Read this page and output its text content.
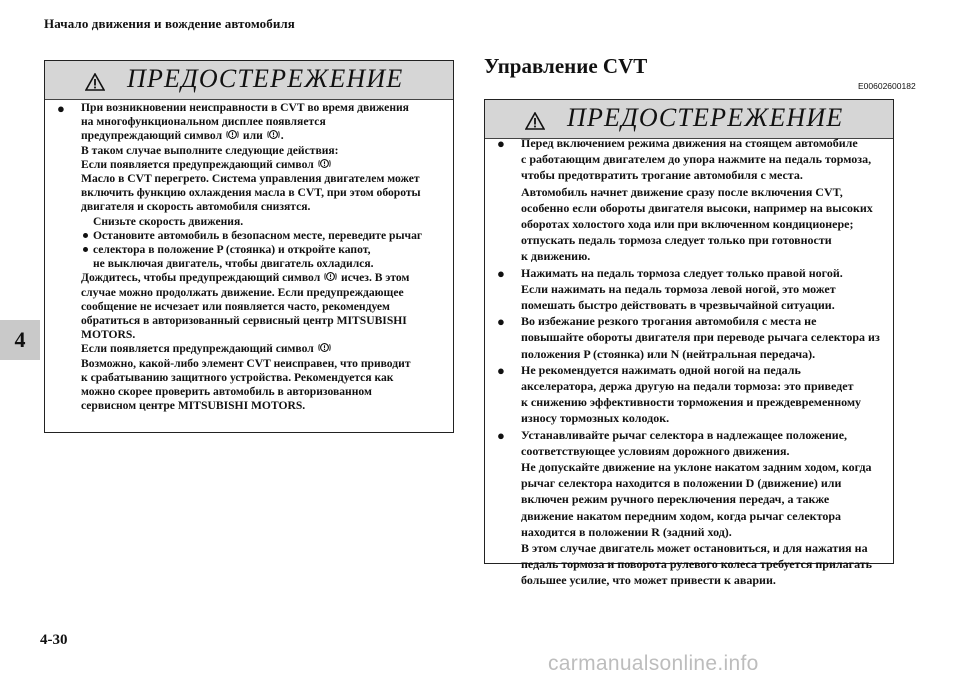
Начало движения и вождение автомобиля
4
Управление CVT
E00602600182
ПРЕДОСТЕРЕЖЕНИЕ
● При возникновении неисправности в CVT во время движения
на многофункциональном дисплее появляется
предупреждающий символ или .
В таком случае выполните следующие действия:
Если появляется предупреждающий символ
Масло в CVT перегрето. Система управления двигателем может
включить функцию охлаждения масла в CVT, при этом обороты
двигателя и скорость автомобиля снизятся.
Снизьте скорость движения.
Остановите автомобиль в безопасном месте, переведите рычаг
селектора в положение P (стоянка) и откройте капот,
не выключая двигатель, чтобы двигатель охладился.
Дождитесь, чтобы предупреждающий символ исчез. В этом
случае можно продолжать движение. Если предупреждающее
сообщение не исчезает или появляется часто, рекомендуем
обратиться в авторизованный сервисный центр MITSUBISHI
MOTORS.
Если появляется предупреждающий символ
Возможно, какой-либо элемент CVT неисправен, что приводит
к срабатыванию защитного устройства. Рекомендуется как
можно скорее проверить автомобиль в авторизованном
сервисном центре MITSUBISHI MOTORS.
ПРЕДОСТЕРЕЖЕНИЕ
● Перед включением режима движения на стоящем автомобиле
с работающим двигателем до упора нажмите на педаль тормоза,
чтобы предотвратить трогание автомобиля с места.
Автомобиль начнет движение сразу после включения CVT,
особенно если обороты двигателя высоки, например на высоких
оборотах холостого хода или при включенном кондиционере;
отпускать педаль тормоза следует только при готовности
к движению.
● Нажимать на педаль тормоза следует только правой ногой.
Если нажимать на педаль тормоза левой ногой, это может
помешать быстро действовать в чрезвычайной ситуации.
● Во избежание резкого трогания автомобиля с места не
повышайте обороты двигателя при переводе рычага селектора из
положения P (стоянка) или N (нейтральная передача).
● Не рекомендуется нажимать одной ногой на педаль
акселератора, держа другую на педали тормоза: это приведет
к снижению эффективности торможения и преждевременному
износу тормозных колодок.
● Устанавливайте рычаг селектора в надлежащее положение,
соответствующее условиям дорожного движения.
Не допускайте движение на уклоне накатом задним ходом, когда
рычаг селектора находится в положении D (движение) или
включен режим ручного переключения передач, а также
движение накатом передним ходом, когда рычаг селектора
находится в положении R (задний ход).
В этом случае двигатель может остановиться, и для нажатия на
педаль тормоза и поворота рулевого колеса требуется прилагать
большее усилие, что может привести к аварии.
carmanualsonline.info
4-30
